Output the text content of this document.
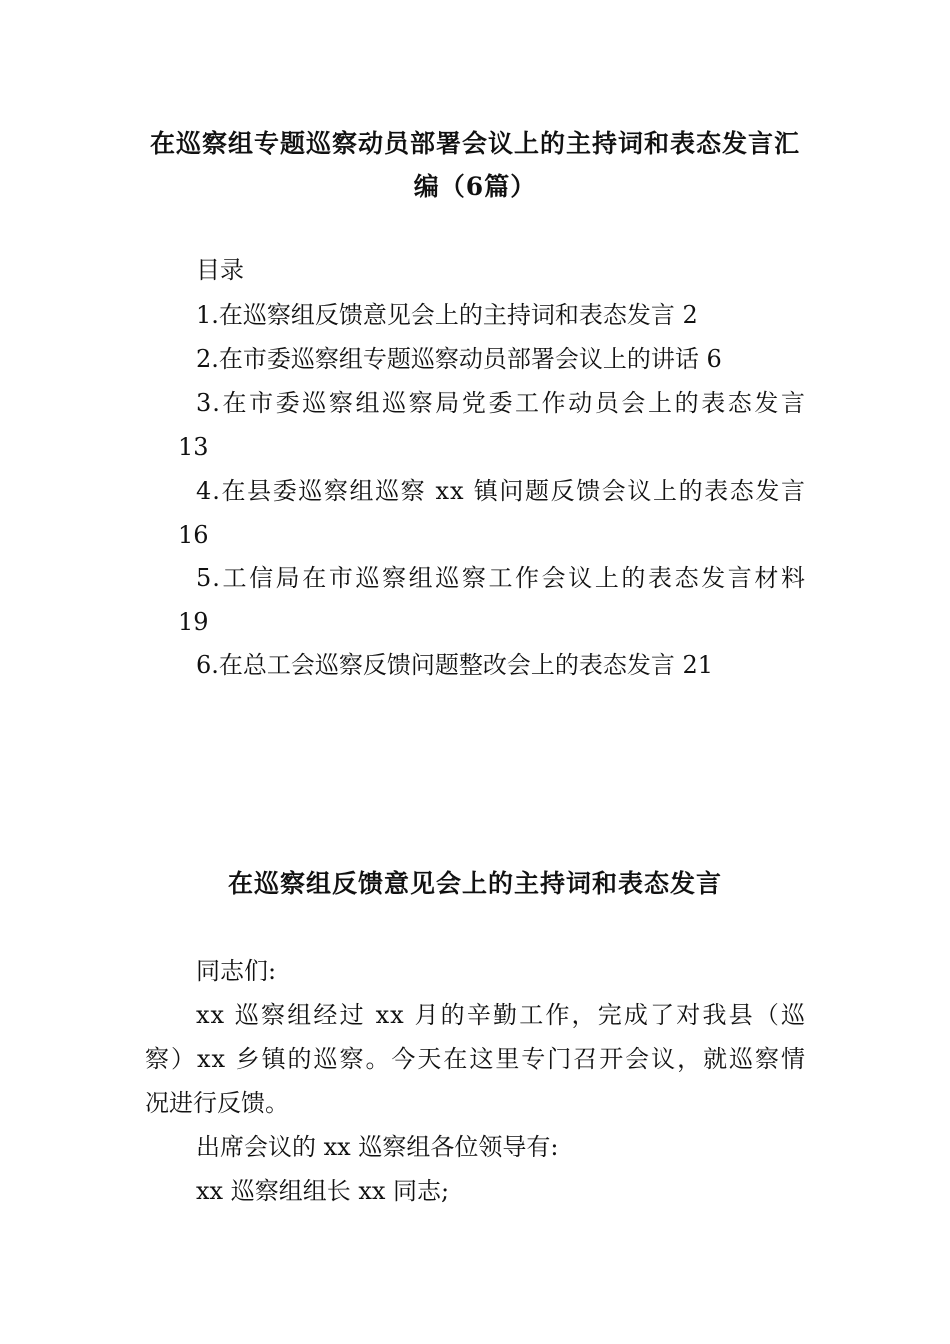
在巡察组专题巡察动员部署会议上的主持词和表态发言汇
编（6篇）
目录
1.在巡察组反馈意见会上的主持词和表态发言 2
2.在市委巡察组专题巡察动员部署会议上的讲话 6
3.在市委巡察组巡察局党委工作动员会上的表态发言
13
4.在县委巡察组巡察 xx 镇问题反馈会议上的表态发言
16
5.工信局在市巡察组巡察工作会议上的表态发言材料
19
6.在总工会巡察反馈问题整改会上的表态发言 21
在巡察组反馈意见会上的主持词和表态发言
同志们:
xx 巡察组经过 xx 月的辛勤工作，完成了对我县（巡
察）xx 乡镇的巡察。今天在这里专门召开会议，就巡察情
况进行反馈。
出席会议的 xx 巡察组各位领导有:
xx 巡察组组长 xx 同志;
